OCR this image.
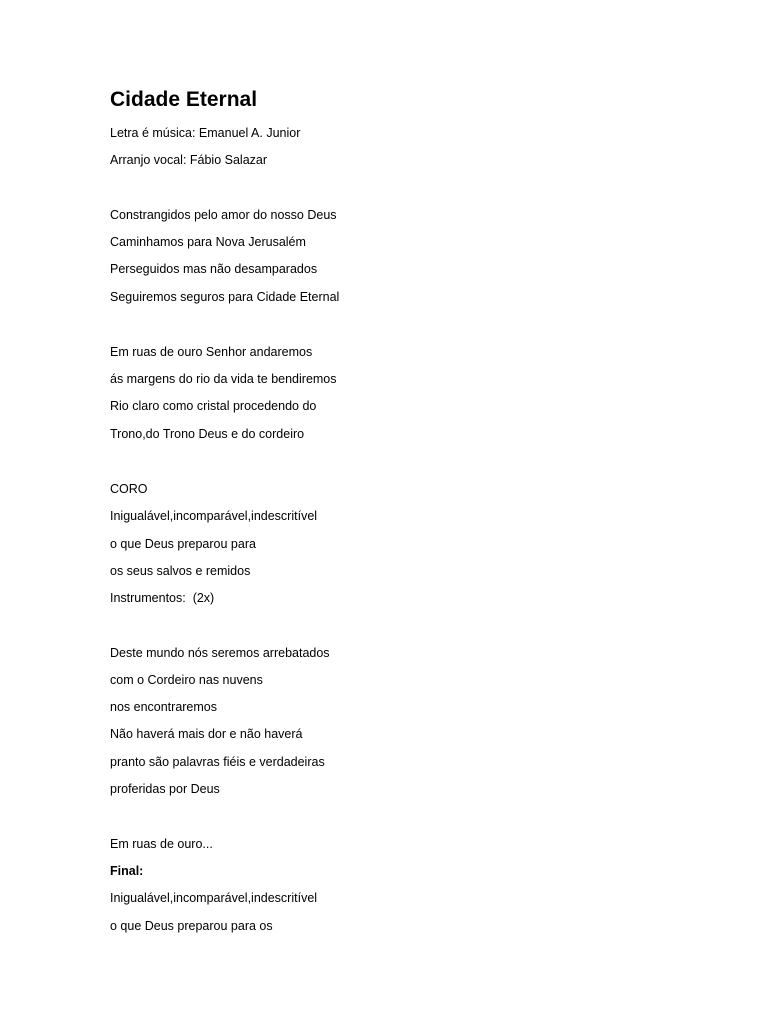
Cidade Eternal
Letra é música: Emanuel A. Junior
Arranjo vocal: Fábio Salazar
Constrangidos pelo amor do nosso Deus
Caminhamos para Nova Jerusalém
Perseguidos mas não desamparados
Seguiremos seguros para Cidade Eternal
Em ruas de ouro Senhor andaremos
ás margens do rio da vida te bendiremos
Rio claro como cristal procedendo do
Trono,do Trono Deus e do cordeiro
CORO
Inigualável,incomparável,indescritível
o que Deus preparou para
os seus salvos e remidos
Instrumentos: (2x)
Deste mundo nós seremos arrebatados
com o Cordeiro nas nuvens
nos encontraremos
Não haverá mais dor e não haverá
pranto são palavras fiéis e verdadeiras
proferidas por Deus
Em ruas de ouro...
Final:
Inigualável,incomparável,indescritível
o que Deus preparou para os
